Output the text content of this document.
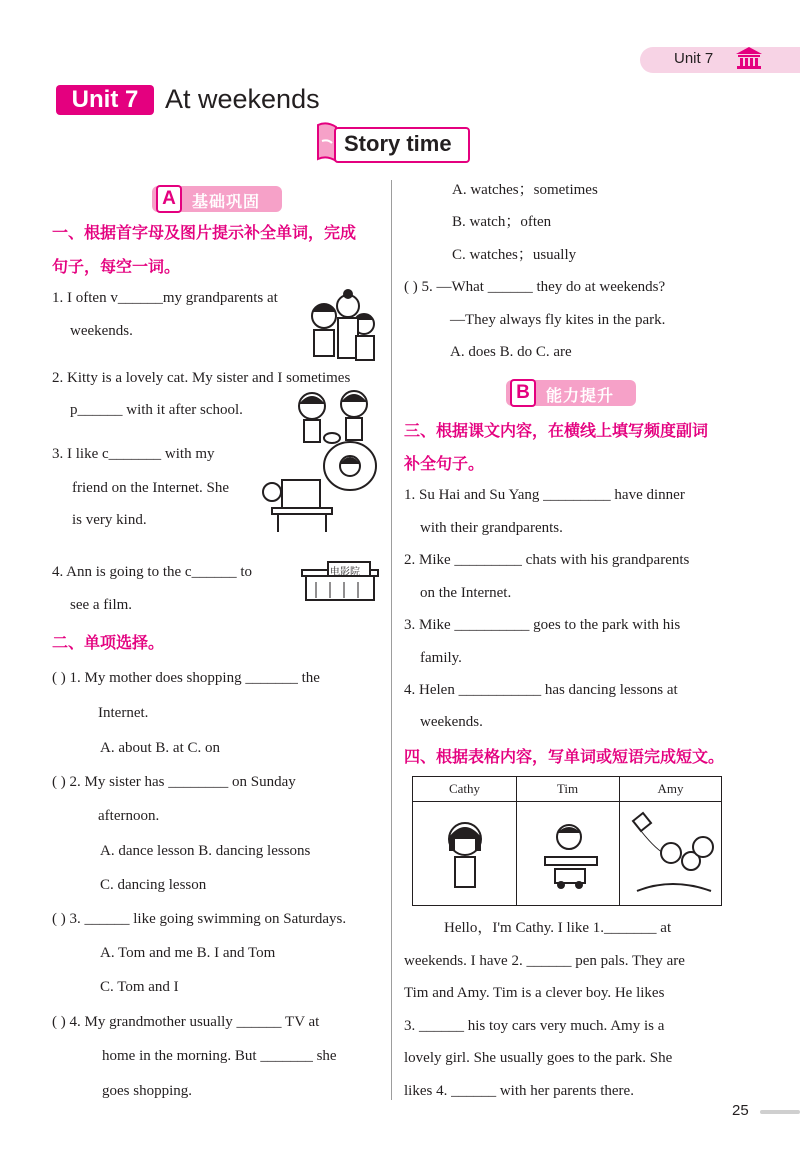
Unit 7
Unit 7 At weekends
Story time
A	基础巩固
一、根据首字母及图片提示补全单词，完成
句子，每空一词。
1. I often v______my grandparents at
weekends.
2. Kitty is a lovely cat. My sister and I sometimes
p______ with it after school.
3. I like c_______ with my
friend on the Internet. She
is very kind.
4. Ann is going to the c______ to
see a film.
电影院
二、单项选择。
( ) 1. My mother does shopping _______ the
Internet.
A. about B. at C. on
( ) 2. My sister has ________ on Sunday
afternoon.
A. dance lesson B. dancing lessons
C. dancing lesson
( ) 3. ______ like going swimming on Saturdays.
A. Tom and me B. I and Tom
C. Tom and I
( ) 4. My grandmother usually ______ TV at
home in the morning. But _______ she
goes shopping.
A. watches；sometimes
B. watch；often
C. watches；usually
( ) 5. —What ______ they do at weekends?
—They always fly kites in the park.
A. does B. do C. are
B	能力提升
三、根据课文内容，在横线上填写频度副词
补全句子。
1. Su Hai and Su Yang _________ have dinner
with their grandparents.
2. Mike _________ chats with his grandparents
on the Internet.
3. Mike __________ goes to the park with his
family.
4. Helen ___________ has dancing lessons at
weekends.
四、根据表格内容，写单词或短语完成短文。
Cathy	Tim	Amy
Hello，I'm Cathy. I like 1._______ at
weekends. I have 2. ______ pen pals. They are
Tim and Amy. Tim is a clever boy. He likes
3. ______ his toy cars very much. Amy is a
lovely girl. She usually goes to the park. She
likes 4. ______ with her parents there.
25
